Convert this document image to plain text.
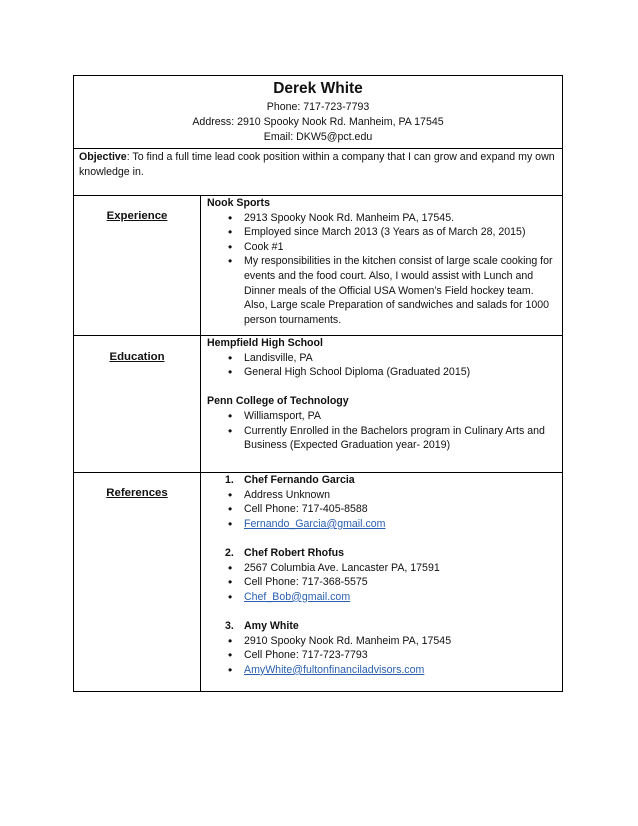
Derek White
Phone: 717-723-7793
Address: 2910 Spooky Nook Rd. Manheim, PA 17545
Email: DKW5@pct.edu
Objective: To find a full time lead cook position within a company that I can grow and expand my own knowledge in.
Experience
Nook Sports
• 2913 Spooky Nook Rd. Manheim PA, 17545.
• Employed since March 2013 (3 Years as of March 28, 2015)
• Cook #1
• My responsibilities in the kitchen consist of large scale cooking for events and the food court. Also, I would assist with Lunch and Dinner meals of the Official USA Women’s Field hockey team. Also, Large scale Preparation of sandwiches and salads for 1000 person tournaments.
Education
Hempfield High School
• Landisville, PA
• General High School Diploma (Graduated 2015)
Penn College of Technology
• Williamsport, PA
• Currently Enrolled in the Bachelors program in Culinary Arts and Business (Expected Graduation year- 2019)
References
1. Chef Fernando Garcia
• Address Unknown
• Cell Phone: 717-405-8588
• Fernando_Garcia@gmail.com
2. Chef Robert Rhofus
• 2567 Columbia Ave. Lancaster PA, 17591
• Cell Phone: 717-368-5575
• Chef_Bob@gmail.com
3. Amy White
• 2910 Spooky Nook Rd. Manheim PA, 17545
• Cell Phone: 717-723-7793
• AmyWhite@fultonfinanciladvisors.com
